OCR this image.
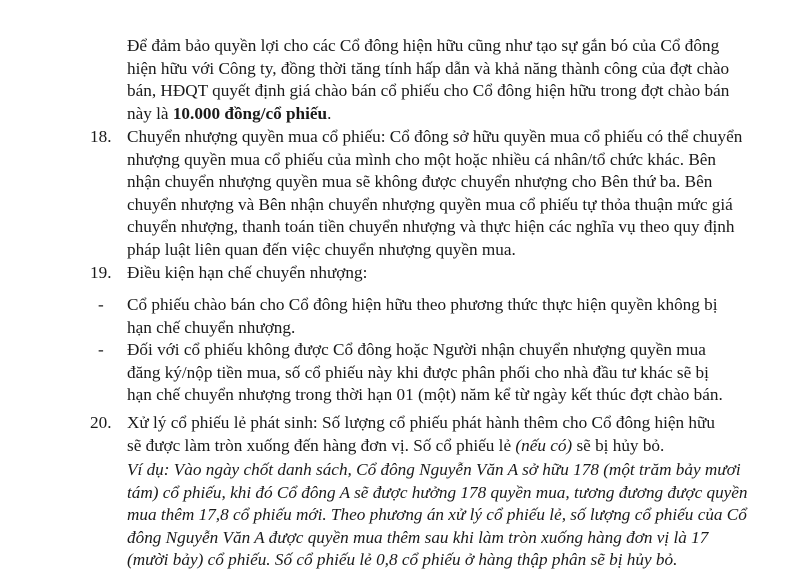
Để đảm bảo quyền lợi cho các Cổ đông hiện hữu cũng như tạo sự gắn bó của Cổ đông
hiện hữu với Công ty, đồng thời tăng tính hấp dẫn và khả năng thành công của đợt chào
bán, HĐQT quyết định giá chào bán cổ phiếu cho Cổ đông hiện hữu trong đợt chào bán
này là 10.000 đồng/cổ phiếu.
18. Chuyển nhượng quyền mua cổ phiếu: Cổ đông sở hữu quyền mua cổ phiếu có thể chuyển
nhượng quyền mua cổ phiếu của mình cho một hoặc nhiều cá nhân/tổ chức khác. Bên
nhận chuyển nhượng quyền mua sẽ không được chuyển nhượng cho Bên thứ ba. Bên
chuyển nhượng và Bên nhận chuyển nhượng quyền mua cổ phiếu tự thỏa thuận mức giá
chuyển nhượng, thanh toán tiền chuyển nhượng và thực hiện các nghĩa vụ theo quy định
pháp luật liên quan đến việc chuyển nhượng quyền mua.
19. Điều kiện hạn chế chuyển nhượng:
- Cổ phiếu chào bán cho Cổ đông hiện hữu theo phương thức thực hiện quyền không bị
hạn chế chuyển nhượng.
- Đối với cổ phiếu không được Cổ đông hoặc Người nhận chuyển nhượng quyền mua
đăng ký/nộp tiền mua, số cổ phiếu này khi được phân phối cho nhà đầu tư khác sẽ bị
hạn chế chuyển nhượng trong thời hạn 01 (một) năm kể từ ngày kết thúc đợt chào bán.
20. Xử lý cổ phiếu lẻ phát sinh: Số lượng cổ phiếu phát hành thêm cho Cổ đông hiện hữu
sẽ được làm tròn xuống đến hàng đơn vị. Số cổ phiếu lẻ (nếu có) sẽ bị hủy bỏ.
Ví dụ: Vào ngày chốt danh sách, Cổ đông Nguyễn Văn A sở hữu 178 (một trăm bảy mươi
tám) cổ phiếu, khi đó Cổ đông A sẽ được hưởng 178 quyền mua, tương đương được quyền
mua thêm 17,8 cổ phiếu mới. Theo phương án xử lý cổ phiếu lẻ, số lượng cổ phiếu của Cổ
đông Nguyễn Văn A được quyền mua thêm sau khi làm tròn xuống hàng đơn vị là 17
(mười bảy) cổ phiếu. Số cổ phiếu lẻ 0,8 cổ phiếu ở hàng thập phân sẽ bị hủy bỏ.
